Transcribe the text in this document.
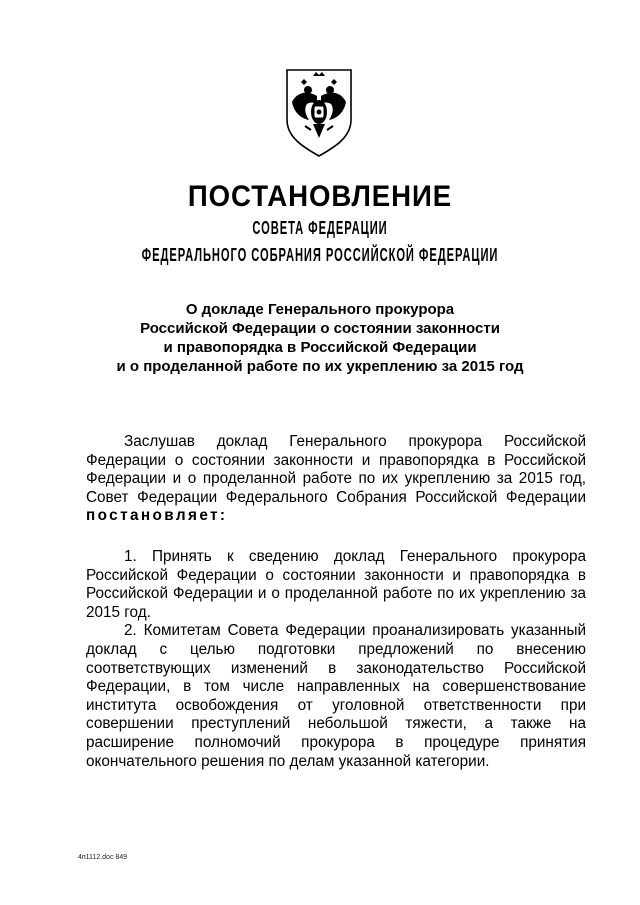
ПОСТАНОВЛЕНИЕ
СОВЕТА ФЕДЕРАЦИИ
ФЕДЕРАЛЬНОГО СОБРАНИЯ РОССИЙСКОЙ ФЕДЕРАЦИИ
О докладе Генерального прокурора
Российской Федерации о состоянии законности
и правопорядка в Российской Федерации
и о проделанной работе по их укреплению за 2015 год

Заслушав доклад Генерального прокурора Российской Федерации о состоянии законности и правопорядка в Российской Федерации и о проделанной работе по их укреплению за 2015 год, Совет Федерации Федерального Собрания Российской Федерации постановляет:

1. Принять к сведению доклад Генерального прокурора Российской Федерации о состоянии законности и правопорядка в Российской Федерации и о проделанной работе по их укреплению за 2015 год.

2. Комитетам Совета Федерации проанализировать указанный доклад с целью подготовки предложений по внесению соответствующих изменений в законодательство Российской Федерации, в том числе направленных на совершенствование института освобождения от уголовной ответственности при совершении преступлений небольшой тяжести, а также на расширение полномочий прокурора в процедуре принятия окончательного решения по делам указанной категории.

4п1112.doc 849
